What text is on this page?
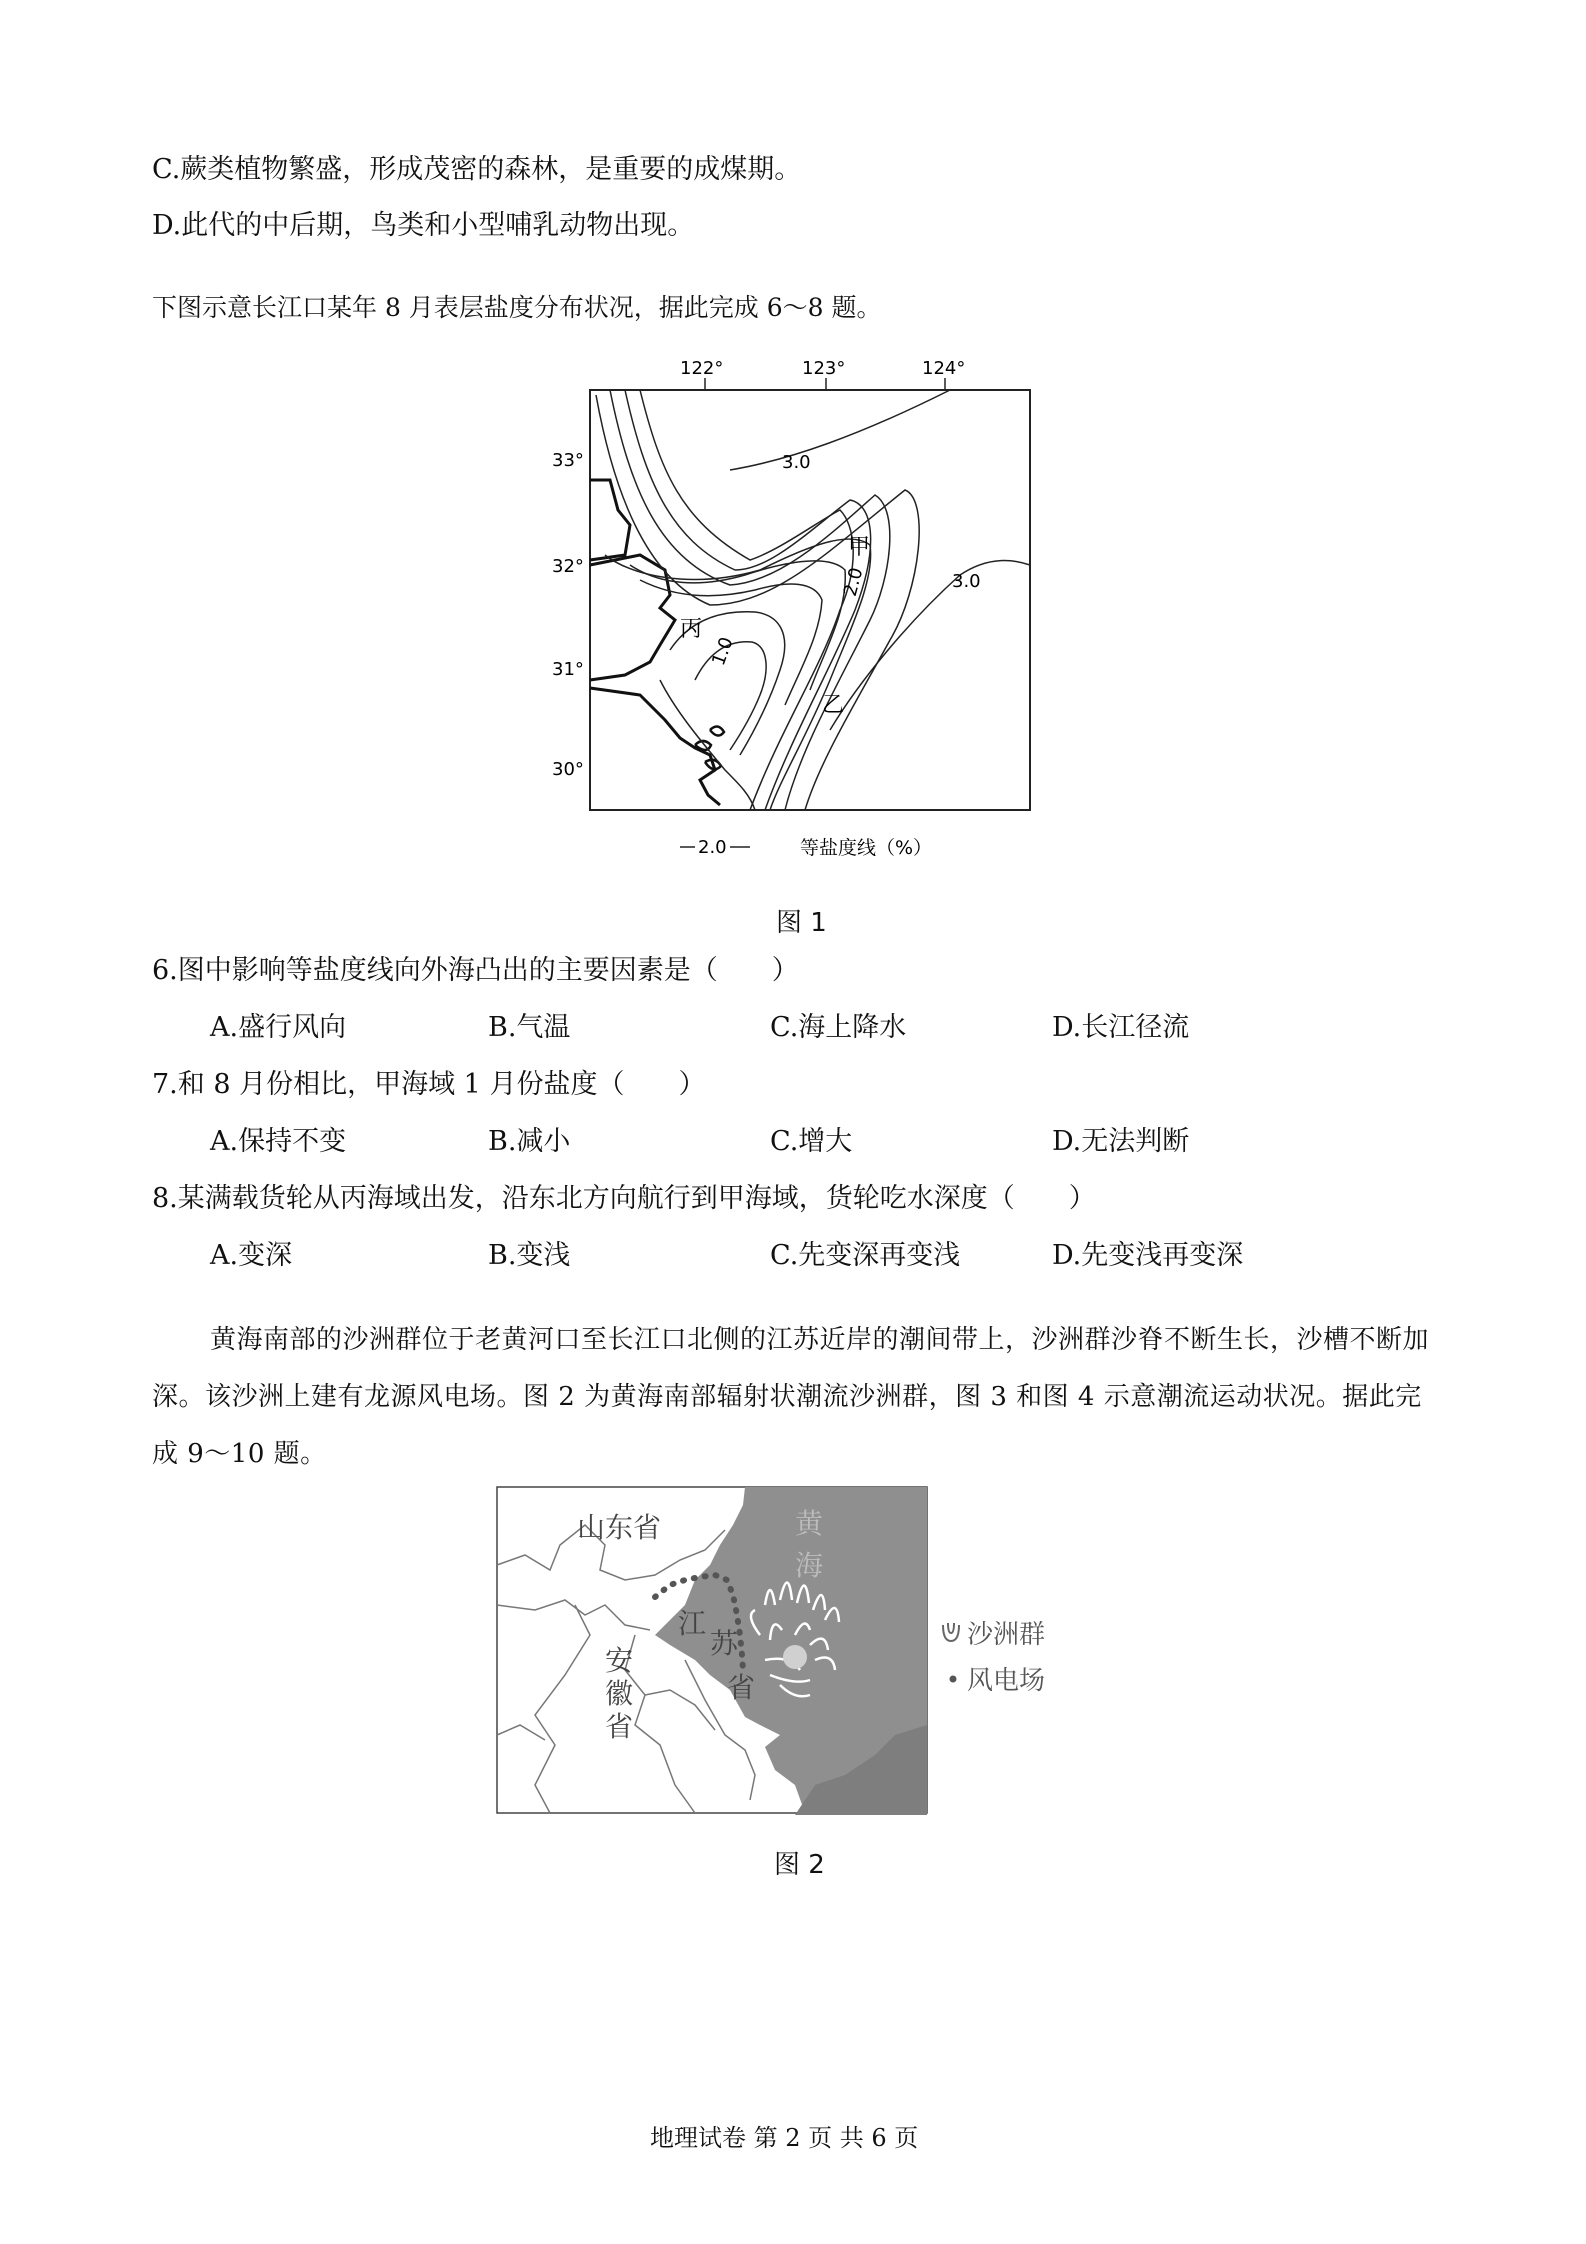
C.蕨类植物繁盛，形成茂密的森林，是重要的成煤期。
D.此代的中后期，鸟类和小型哺乳动物出现。
下图示意长江口某年 8 月表层盐度分布状况，据此完成 6～8 题。
122°	123°	124°
33°
32°
31°
30°
3.0
3.0
2.0
1.0
甲
乙
丙
2.0	等盐度线（%）
图 1
6.图中影响等盐度线向外海凸出的主要因素是（　　）
A.盛行风向	B.气温	C.海上降水	D.长江径流
7.和 8 月份相比，甲海域 1 月份盐度（　　）
A.保持不变	B.减小	C.增大	D.无法判断
8.某满载货轮从丙海域出发，沿东北方向航行到甲海域，货轮吃水深度（　　）
A.变深	B.变浅	C.先变深再变浅	D.先变浅再变深
黄海南部的沙洲群位于老黄河口至长江口北侧的江苏近岸的潮间带上，沙洲群沙脊不断生长，沙槽不断加深。该沙洲上建有龙源风电场。图 2 为黄海南部辐射状潮流沙洲群，图 3 和图 4 示意潮流运动状况。据此完成 9～10 题。
山东省
江
苏
省
安
徽
省
黄
海
沙洲群
风电场
图 2
地理试卷 第 2 页 共 6 页
